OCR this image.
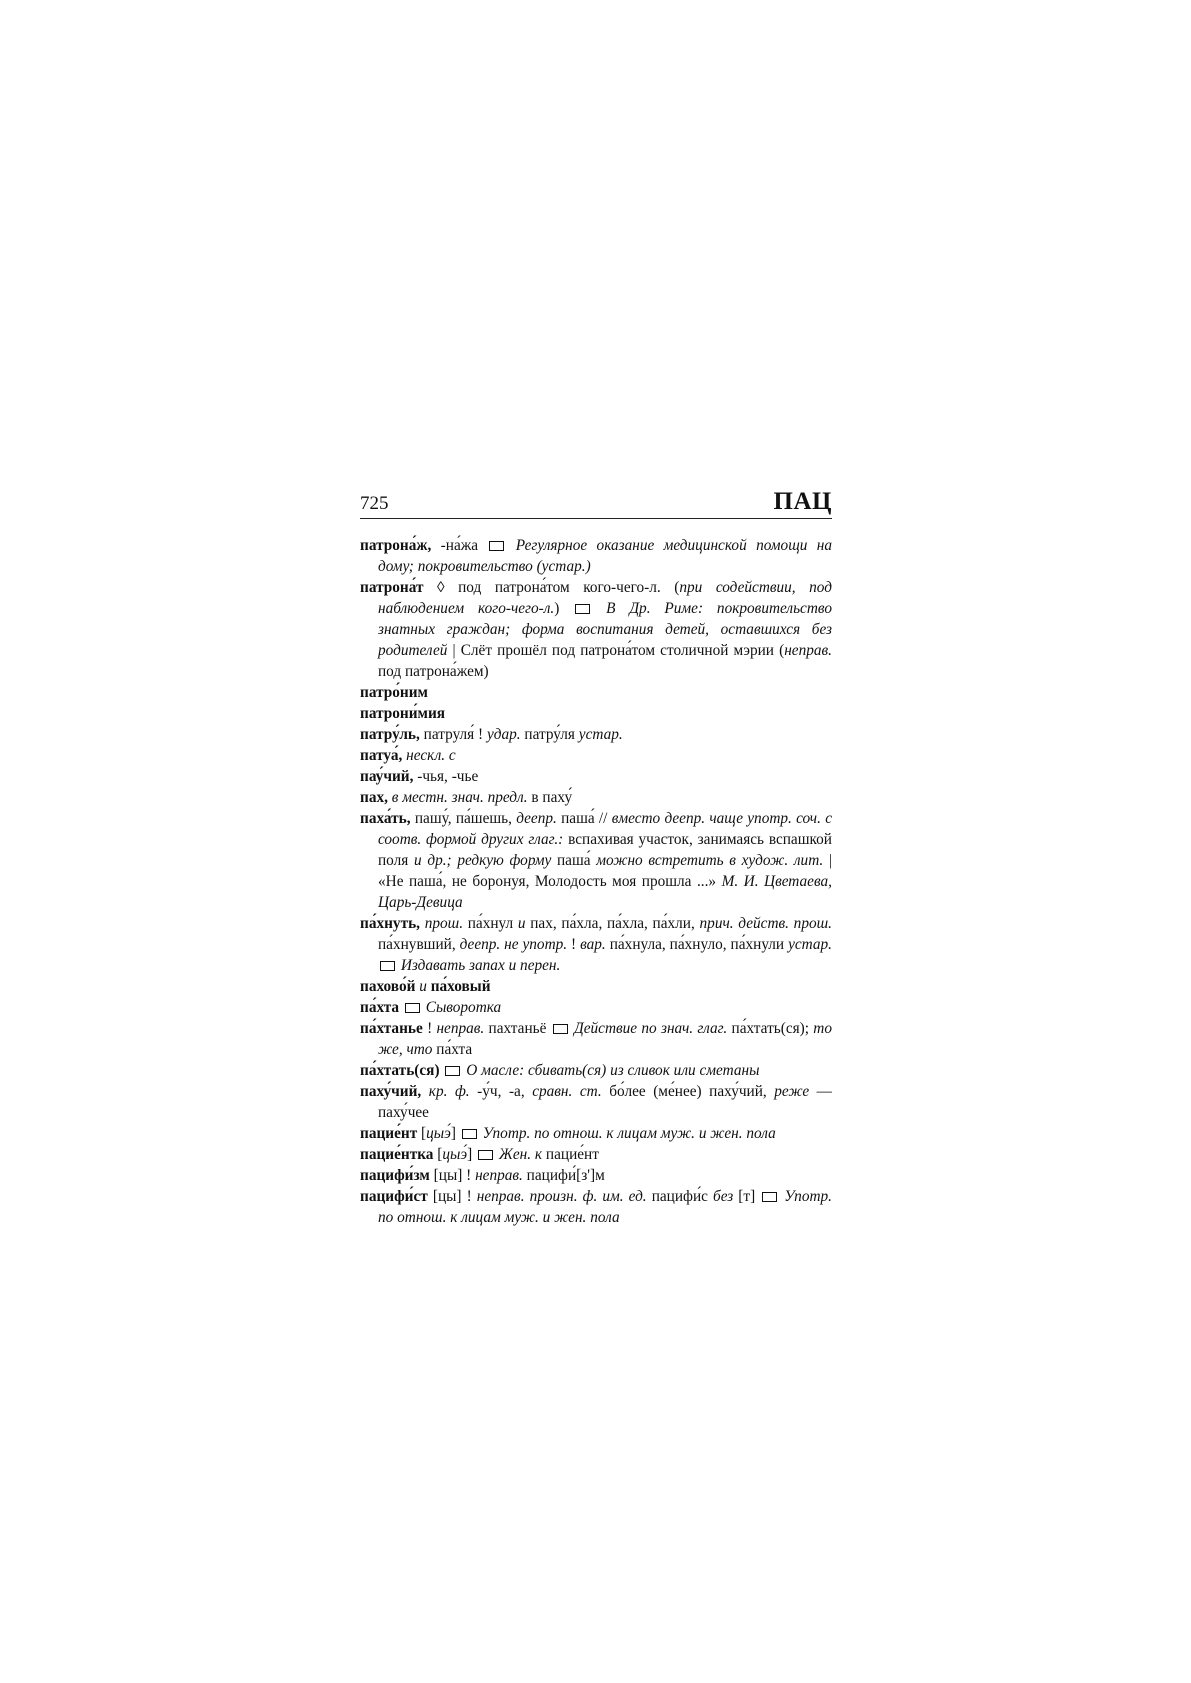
725	ПАЦ
патрона́ж, -на́жа  Регулярное оказание медицинской помощи на дому; покровительство (устар.)
патрона́т ◊ под патрона́том кого-чего-л. (при содействии, под наблюдением кого-чего-л.)  В Др. Риме: покровительство знатных граждан; форма воспитания детей, оставшихся без родителей | Слёт прошёл под патрона́том столичной мэрии (неправ. под патрона́жем)
патро́ним
патрони́мия
патру́ль, патруля́ ! удар. патру́ля устар.
патуа́, нескл. с
пау́чий, -чья, -чье
пах, в местн. знач. предл. в паху́
паха́ть, пашу́, па́шешь, деепр. паша́ // вместо деепр. чаще употр. соч. с соотв. формой других глаг.: вспахивая участок, занимаясь вспашкой поля и др.; редкую форму паша́ можно встретить в худож. лит. | «Не паша́, не боронуя, Молодость моя прошла ...» М. И. Цветаева, Царь-Девица
па́хнуть, прош. па́хнул и пах, па́хла, па́хла, па́хли, прич. действ. прош. па́хнувший, деепр. не употр. ! вар. па́хнула, па́хнуло, па́хнули устар.  Издавать запах и перен.
пахово́й и па́ховый
па́хта  Сыворотка
па́хтанье ! неправ. пахтаньё  Действие по знач. глаг. па́хтать(ся); то же, что па́хта
па́хтать(ся)  О масле: сбивать(ся) из сливок или сметаны
паху́чий, кр. ф. -у́ч, -а, сравн. ст. бо́лее (ме́нее) паху́чий, реже — паху́чее
пацие́нт [цыэ́]  Употр. по отнош. к лицам муж. и жен. пола
пацие́нтка [цыэ́]  Жен. к пацие́нт
пацифи́зм [цы] ! неправ. пацифи́[з']м
пацифи́ст [цы] ! неправ. произн. ф. им. ед. пацифи́с без [т]  Употр. по отнош. к лицам муж. и жен. пола
